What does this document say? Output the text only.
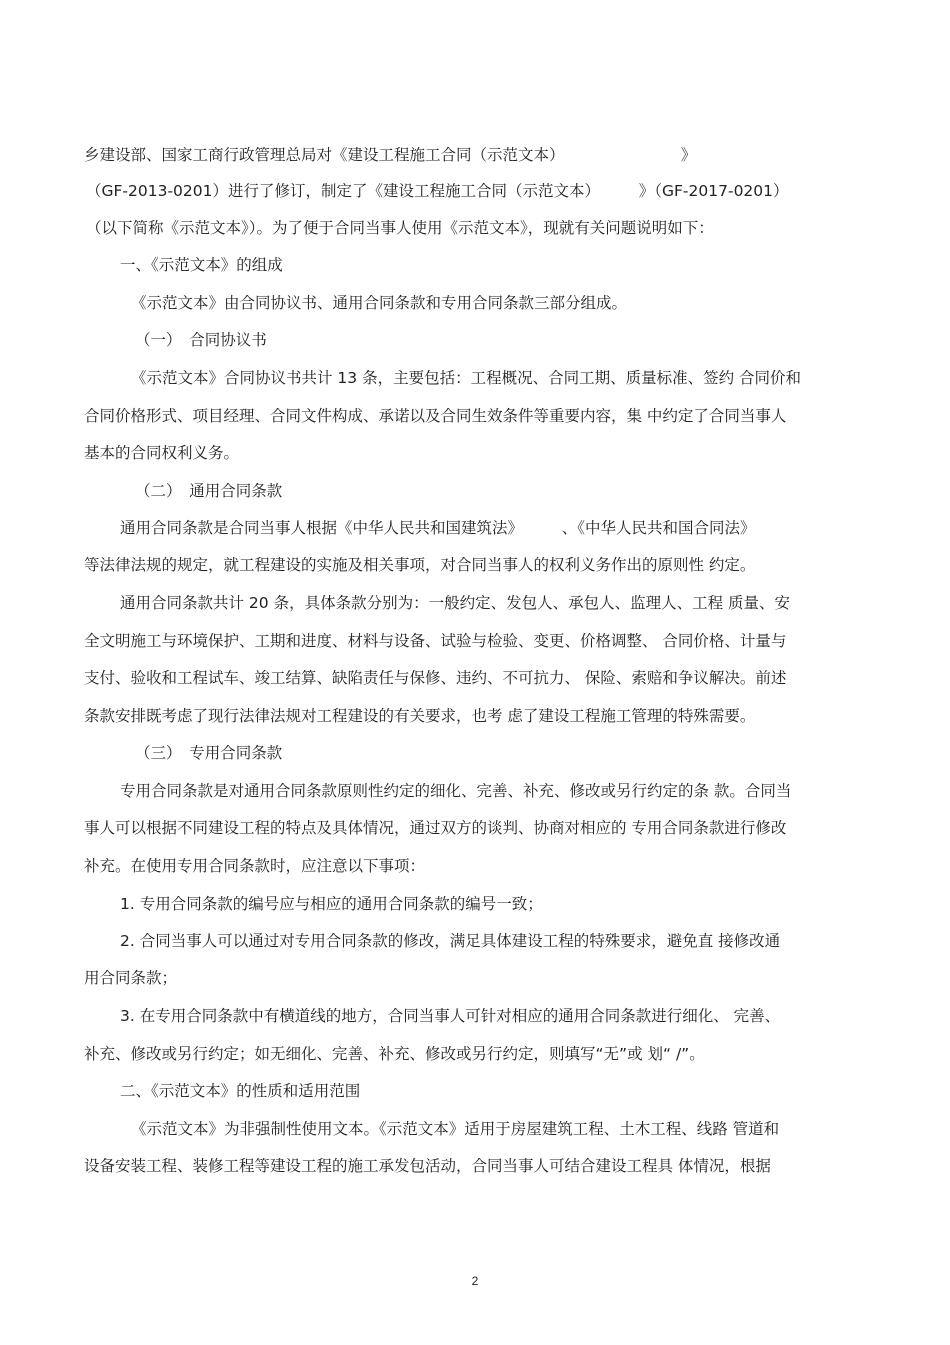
乡建设部、国家工商行政管理总局对《建设工程施工合同（示范文本）　　　　　　　　》
（GF-2013-0201）进行了修订，制定了《建设工程施工合同（示范文本）　　　》（GF-2017-0201）
（以下简称《示范文本》）。为了便于合同当事人使用《示范文本》，现就有关问题说明如下：
一、《示范文本》的组成
《示范文本》由合同协议书、通用合同条款和专用合同条款三部分组成。
（一）　合同协议书
《示范文本》合同协议书共计 13 条，主要包括：工程概况、合同工期、质量标准、签约 合同价和
合同价格形式、项目经理、合同文件构成、承诺以及合同生效条件等重要内容，集 中约定了合同当事人
基本的合同权利义务。
（二）　通用合同条款
通用合同条款是合同当事人根据《中华人民共和国建筑法》　　　、《中华人民共和国合同法》
等法律法规的规定，就工程建设的实施及相关事项，对合同当事人的权利义务作出的原则性 约定。
通用合同条款共计 20 条，具体条款分别为：一般约定、发包人、承包人、监理人、工程 质量、安
全文明施工与环境保护、工期和进度、材料与设备、试验与检验、变更、价格调整、 合同价格、计量与
支付、验收和工程试车、竣工结算、缺陷责任与保修、违约、不可抗力、 保险、索赔和争议解决。前述
条款安排既考虑了现行法律法规对工程建设的有关要求，也考 虑了建设工程施工管理的特殊需要。
（三）　专用合同条款
专用合同条款是对通用合同条款原则性约定的细化、完善、补充、修改或另行约定的条 款。合同当
事人可以根据不同建设工程的特点及具体情况，通过双方的谈判、协商对相应的 专用合同条款进行修改
补充。在使用专用合同条款时，应注意以下事项：
1. 专用合同条款的编号应与相应的通用合同条款的编号一致；
2. 合同当事人可以通过对专用合同条款的修改，满足具体建设工程的特殊要求，避免直 接修改通
用合同条款；
3. 在专用合同条款中有横道线的地方，合同当事人可针对相应的通用合同条款进行细化、 完善、
补充、修改或另行约定；如无细化、完善、补充、修改或另行约定，则填写“无”或 划“ /”。
二、《示范文本》的性质和适用范围
《示范文本》为非强制性使用文本。《示范文本》适用于房屋建筑工程、土木工程、线路 管道和
设备安装工程、装修工程等建设工程的施工承发包活动，合同当事人可结合建设工程具 体情况，根据
2
